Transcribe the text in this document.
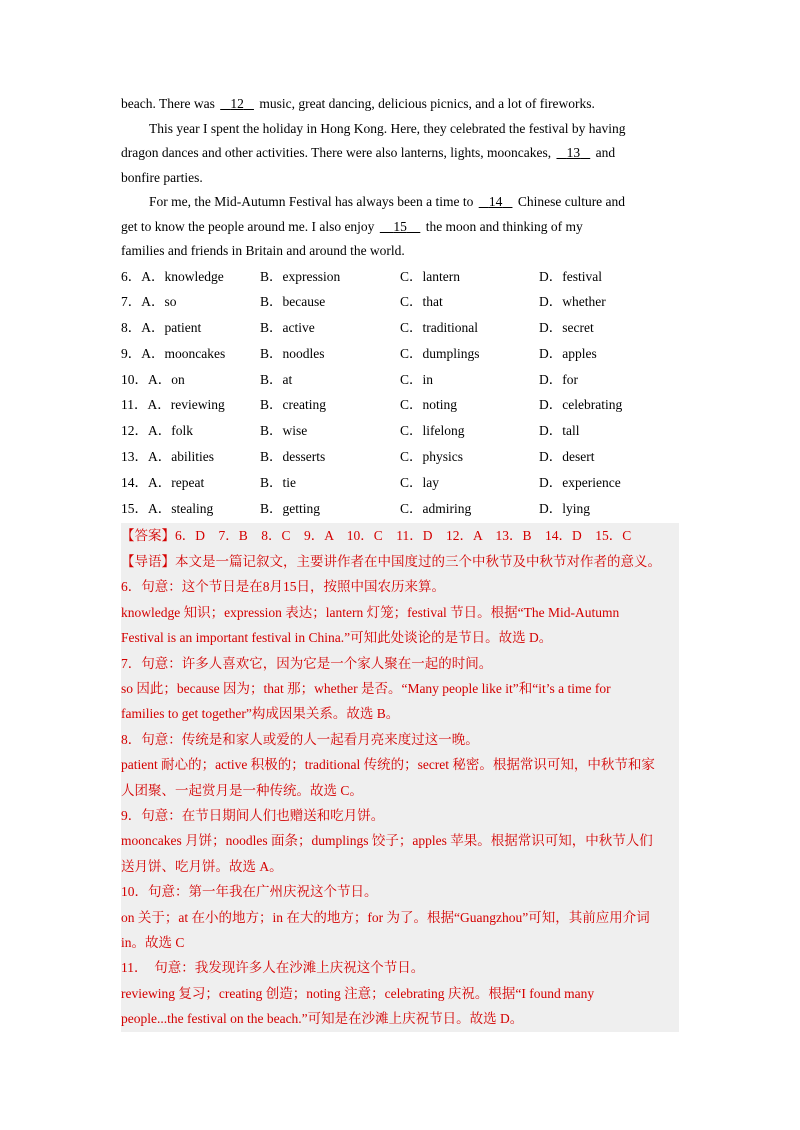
beach. There was    12    music, great dancing, delicious picnics, and a lot of fireworks.

This year I spent the holiday in Hong Kong. Here, they celebrated the festival by having

dragon dances and other activities. There were also lanterns, lights, mooncakes,    13    and

bonfire parties.

For me, the Mid-Autumn Festival has always been a time to    14    Chinese culture and

get to know the people around me. I also enjoy     15     the moon and thinking of my

families and friends in Britain and around the world.

6．A．knowledge	B．expression	C．lantern	D．festival
7．A．so	B．because	C．that	D．whether
8．A．patient	B．active	C．traditional	D．secret
9．A．mooncakes	B．noodles	C．dumplings	D．apples
10．A．on	B．at	C．in	D．for
11．A．reviewing	B．creating	C．noting	D．celebrating
12．A．folk	B．wise	C．lifelong	D．tall
13．A．abilities	B．desserts	C．physics	D．desert
14．A．repeat	B．tie	C．lay	D．experience
15．A．stealing	B．getting	C．admiring	D．lying

【答案】6．D　7．B　8．C　9．A　10．C　11．D　12．A　13．B　14．D　15．C

【导语】本文是一篇记叙文，主要讲作者在中国度过的三个中秋节及中秋节对作者的意义。

6．句意：这个节日是在8月15日，按照中国农历来算。

knowledge 知识；expression 表达；lantern 灯笼；festival 节日。根据“The Mid-Autumn

Festival is an important festival in China.”可知此处谈论的是节日。故选 D。

7．句意：许多人喜欢它，因为它是一个家人聚在一起的时间。

so 因此；because 因为；that 那；whether 是否。“Many people like it”和“it’s a time for

families to get together”构成因果关系。故选 B。

8．句意：传统是和家人或爱的人一起看月亮来度过这一晚。

patient 耐心的；active 积极的；traditional 传统的；secret 秘密。根据常识可知，中秋节和家

人团聚、一起赏月是一种传统。故选 C。

9．句意：在节日期间人们也赠送和吃月饼。

mooncakes 月饼；noodles 面条；dumplings 饺子；apples 苹果。根据常识可知，中秋节人们

送月饼、吃月饼。故选 A。

10．句意：第一年我在广州庆祝这个节日。

on 关于；at 在小的地方；in 在大的地方；for 为了。根据“Guangzhou”可知，其前应用介词

in。故选 C

11．　句意：我发现许多人在沙滩上庆祝这个节日。

reviewing 复习；creating 创造；noting 注意；celebrating 庆祝。根据“I found many

people...the festival on the beach.”可知是在沙滩上庆祝节日。故选 D。
